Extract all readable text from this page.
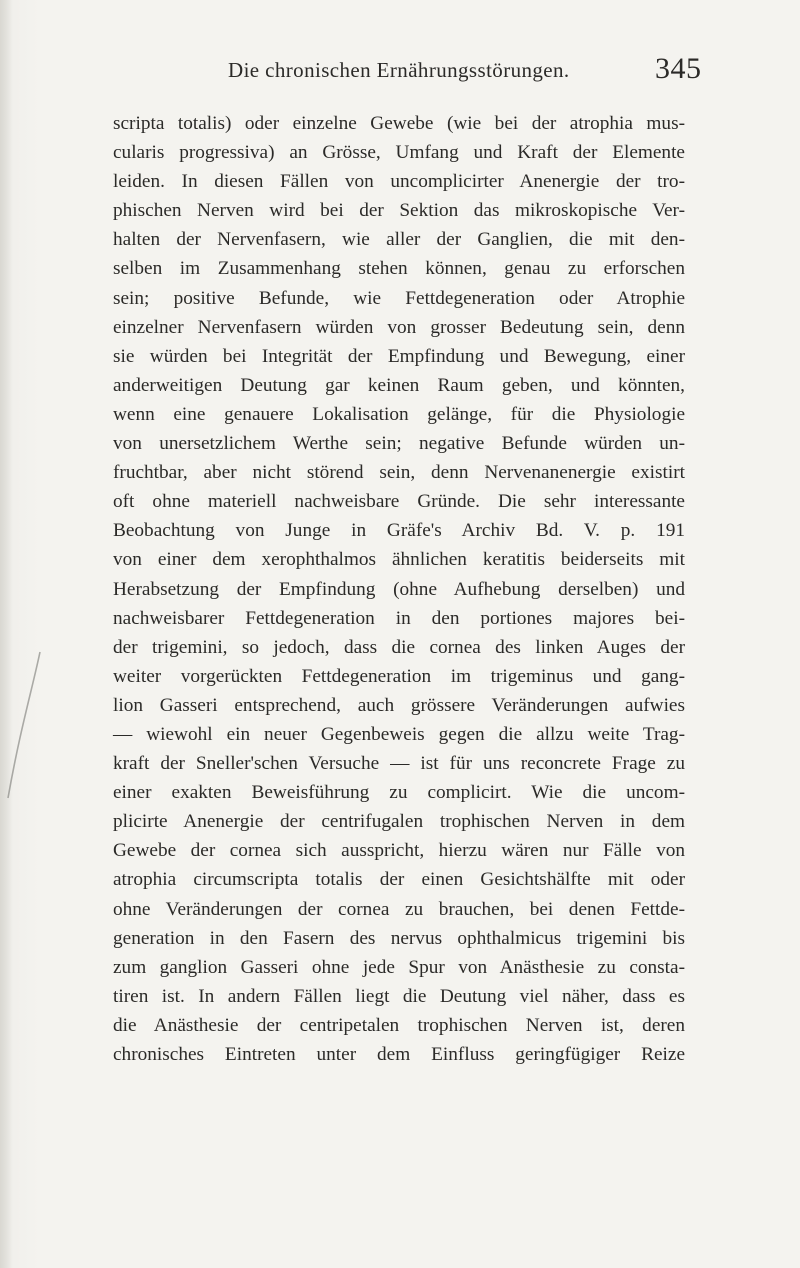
Die chronischen Ernährungsstörungen.	345
scripta totalis) oder einzelne Gewebe (wie bei der atrophia mus-
cularis progressiva) an Grösse, Umfang und Kraft der Elemente
leiden. In diesen Fällen von uncomplicirter Anenergie der tro-
phischen Nerven wird bei der Sektion das mikroskopische Ver-
halten der Nervenfasern, wie aller der Ganglien, die mit den-
selben im Zusammenhang stehen können, genau zu erforschen
sein; positive Befunde, wie Fettdegeneration oder Atrophie
einzelner Nervenfasern würden von grosser Bedeutung sein, denn
sie würden bei Integrität der Empfindung und Bewegung, einer
anderweitigen Deutung gar keinen Raum geben, und könnten,
wenn eine genauere Lokalisation gelänge, für die Physiologie
von unersetzlichem Werthe sein; negative Befunde würden un-
fruchtbar, aber nicht störend sein, denn Nervenanenergie existirt
oft ohne materiell nachweisbare Gründe. Die sehr interessante
Beobachtung von Junge in Gräfe's Archiv Bd. V. p. 191
von einer dem xerophthalmos ähnlichen keratitis beiderseits mit
Herabsetzung der Empfindung (ohne Aufhebung derselben) und
nachweisbarer Fettdegeneration in den portiones majores bei-
der trigemini, so jedoch, dass die cornea des linken Auges der
weiter vorgerückten Fettdegeneration im trigeminus und gang-
lion Gasseri entsprechend, auch grössere Veränderungen aufwies
— wiewohl ein neuer Gegenbeweis gegen die allzu weite Trag-
kraft der Sneller'schen Versuche — ist für uns reconcrete Frage zu
einer exakten Beweisführung zu complicirt. Wie die uncom-
plicirte Anenergie der centrifugalen trophischen Nerven in dem
Gewebe der cornea sich ausspricht, hierzu wären nur Fälle von
atrophia circumscripta totalis der einen Gesichtshälfte mit oder
ohne Veränderungen der cornea zu brauchen, bei denen Fettde-
generation in den Fasern des nervus ophthalmicus trigemini bis
zum ganglion Gasseri ohne jede Spur von Anästhesie zu consta-
tiren ist. In andern Fällen liegt die Deutung viel näher, dass es
die Anästhesie der centripetalen trophischen Nerven ist, deren
chronisches Eintreten unter dem Einfluss geringfügiger Reize
